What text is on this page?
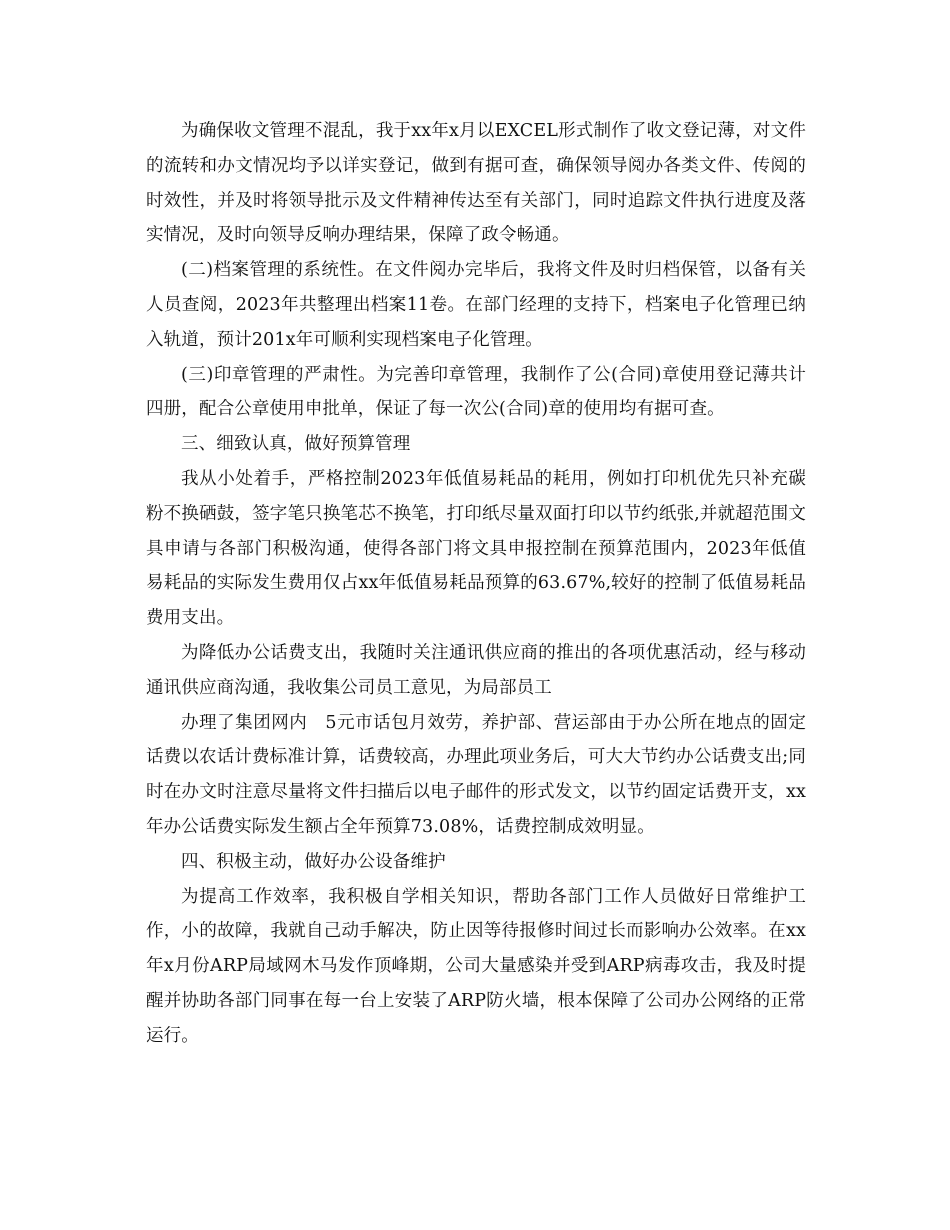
为确保收文管理不混乱，我于xx年x月以EXCEL形式制作了收文登记薄，对文件的流转和办文情况均予以详实登记，做到有据可查，确保领导阅办各类文件、传阅的时效性，并及时将领导批示及文件精神传达至有关部门，同时追踪文件执行进度及落实情况，及时向领导反响办理结果，保障了政令畅通。

(二)档案管理的系统性。在文件阅办完毕后，我将文件及时归档保管，以备有关人员查阅，2023年共整理出档案11卷。在部门经理的支持下，档案电子化管理已纳入轨道，预计201x年可顺利实现档案电子化管理。

(三)印章管理的严肃性。为完善印章管理，我制作了公(合同)章使用登记薄共计四册，配合公章使用申批单，保证了每一次公(合同)章的使用均有据可查。

三、细致认真，做好预算管理

我从小处着手，严格控制2023年低值易耗品的耗用，例如打印机优先只补充碳粉不换硒鼓，签字笔只换笔芯不换笔，打印纸尽量双面打印以节约纸张,并就超范围文具申请与各部门积极沟通，使得各部门将文具申报控制在预算范围内，2023年低值易耗品的实际发生费用仅占xx年低值易耗品预算的63.67%,较好的控制了低值易耗品费用支出。

为降低办公话费支出，我随时关注通讯供应商的推出的各项优惠活动，经与移动通讯供应商沟通，我收集公司员工意见，为局部员工

办理了集团网内　5元市话包月效劳，养护部、营运部由于办公所在地点的固定话费以农话计费标准计算，话费较高，办理此项业务后，可大大节约办公话费支出;同时在办文时注意尽量将文件扫描后以电子邮件的形式发文，以节约固定话费开支，xx年办公话费实际发生额占全年预算73.08%，话费控制成效明显。

四、积极主动，做好办公设备维护

为提高工作效率，我积极自学相关知识，帮助各部门工作人员做好日常维护工作，小的故障，我就自己动手解决，防止因等待报修时间过长而影响办公效率。在xx年x月份ARP局域网木马发作顶峰期，公司大量感染并受到ARP病毒攻击，我及时提醒并协助各部门同事在每一台上安装了ARP防火墙，根本保障了公司办公网络的正常运行。
